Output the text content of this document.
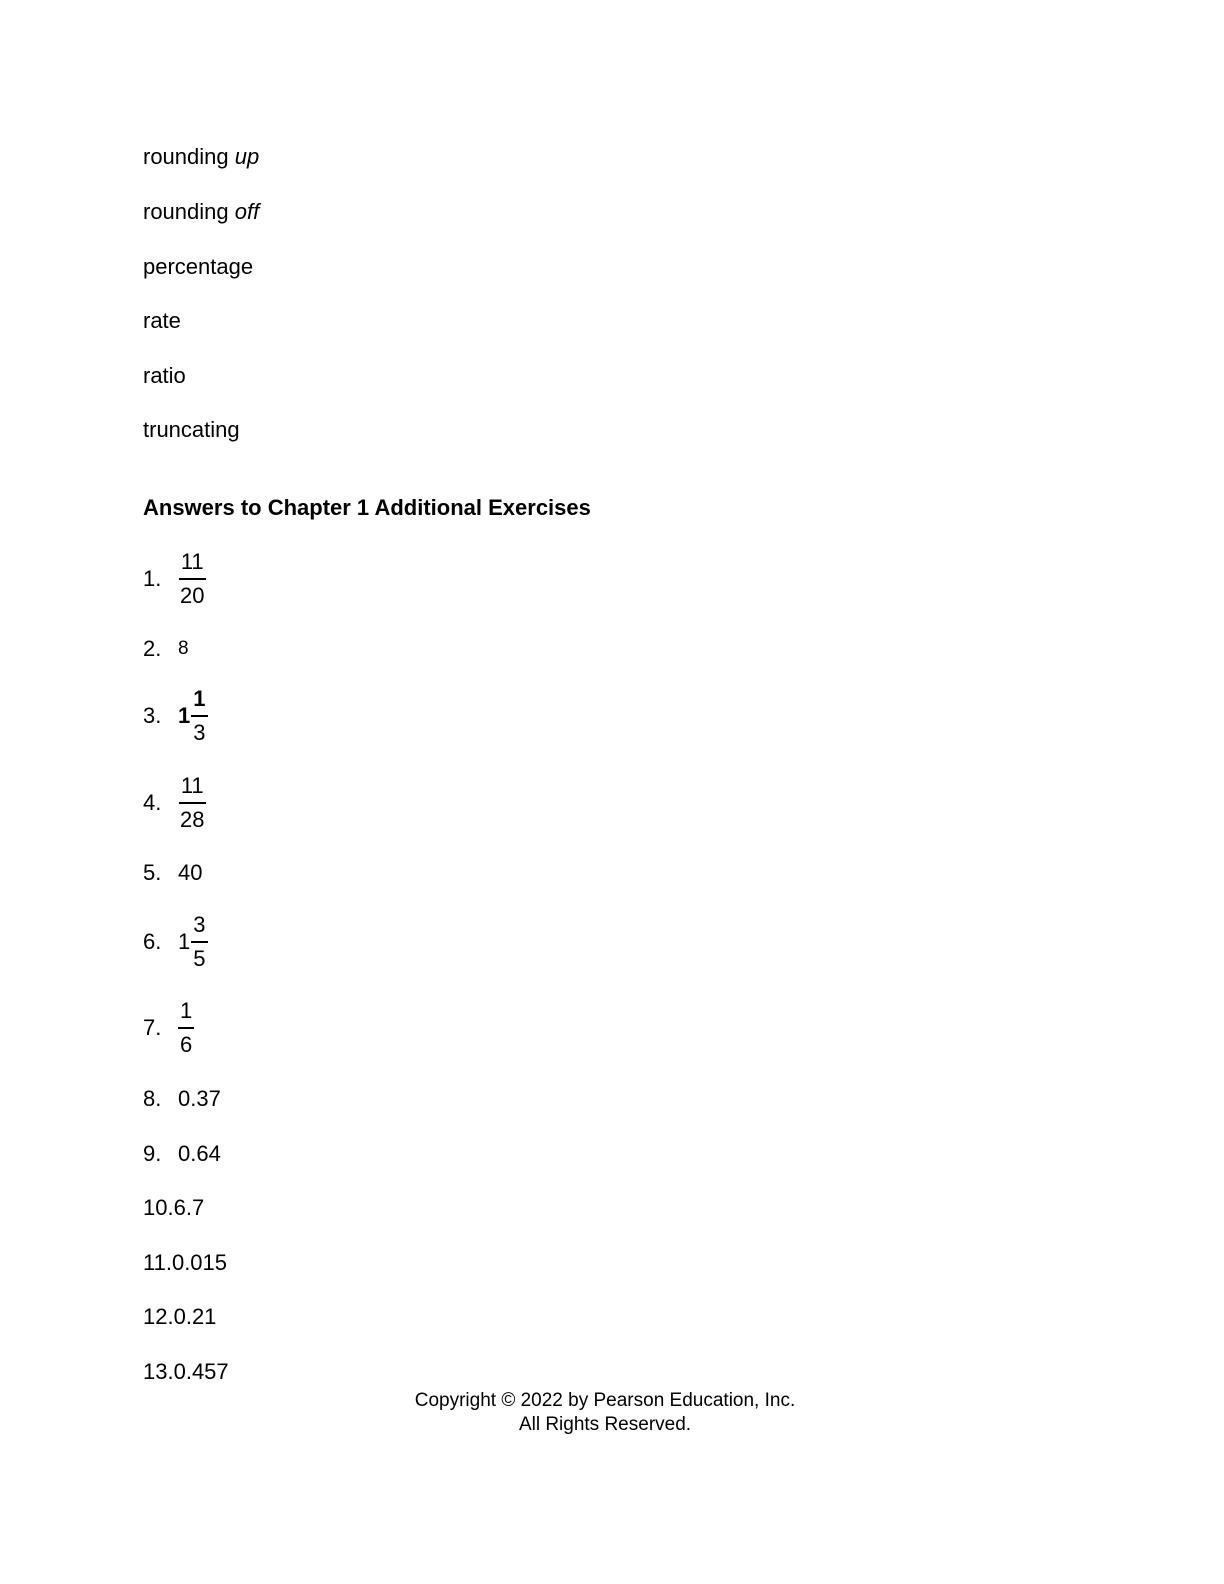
rounding up
rounding off
percentage
rate
ratio
truncating
Answers to Chapter 1 Additional Exercises
1. $\frac{11}{20}$
2. 8
3. $1 \frac{1}{3}$
4. $\frac{11}{28}$
5. 40
6. $1 \frac{3}{5}$
7. $\frac{1}{6}$
8. 0.37
9. 0.64
10. 6.7
11. 0.015
12. 0.21
13. 0.457
Copyright © 2022 by Pearson Education, Inc.
All Rights Reserved.
